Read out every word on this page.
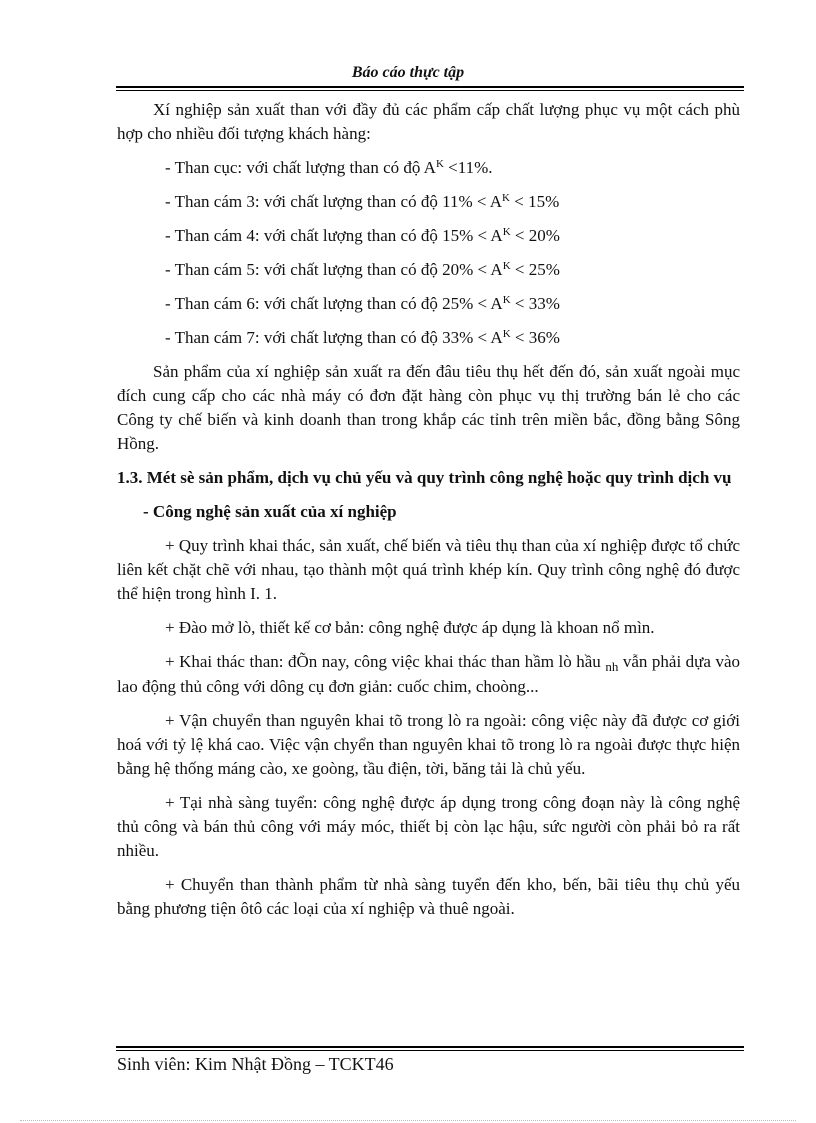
Báo cáo thực tập

Xí nghiệp sản xuất than với đầy đủ các phẩm cấp chất lượng phục vụ một cách phù hợp cho nhiều đối tượng khách hàng:

- Than cục: với chất lượng than có độ $A^K <11\%$.

- Than cám 3: với chất lượng than có độ $11\% < A^K < 15\%$

- Than cám 4: với chất lượng than có độ $15\% < A^K < 20\%$

- Than cám 5: với chất lượng than có độ $20\% < A^K < 25\%$

- Than cám 6: với chất lượng than có độ $25\% < A^K < 33\%$

- Than cám 7: với chất lượng than có độ $33\% < A^K < 36\%$

Sản phẩm của xí nghiệp sản xuất ra đến đâu tiêu thụ hết đến đó, sản xuất ngoài mục đích cung cấp cho các nhà máy có đơn đặt hàng còn phục vụ thị trường bán lẻ cho các Công ty chế biến và kinh doanh than trong khắp các tỉnh trên miền bắc, đồng bằng Sông Hồng.

1.3. Mét sè sản phẩm, dịch vụ chủ yếu và quy trình công nghệ hoặc quy trình dịch vụ

- Công nghệ sản xuất của xí nghiệp

+ Quy trình khai thác, sản xuất, chế biến và tiêu thụ than của xí nghiệp được tổ chức liên kết chặt chẽ với nhau, tạo thành một quá trình khép kín. Quy trình công nghệ đó được thể hiện trong hình I. 1.

+ Đào mở lò, thiết kế cơ bản: công nghệ được áp dụng là khoan nổ mìn.

+ Khai thác than: đÕn nay, công việc khai thác than hầm lò hầu $_{nh}$ vẫn phải dựa vào lao động thủ công với dông cụ đơn giản: cuốc chim, choòng...

+ Vận chuyển than nguyên khai tõ trong lò ra ngoài: công việc này đã được cơ giới hoá với tỷ lệ khá cao. Việc vận chyển than nguyên khai tõ trong lò ra ngoài được thực hiện bằng hệ thống máng cào, xe goòng, tầu điện, tời, băng tải là chủ yếu.

+ Tại nhà sàng tuyển: công nghệ được áp dụng trong công đoạn này là công nghệ thủ công và bán thủ công với máy móc, thiết bị còn lạc hậu, sức người còn phải bỏ ra rất nhiều.

+ Chuyển than thành phẩm từ nhà sàng tuyển đến kho, bến, bãi tiêu thụ chủ yếu bằng phương tiện ôtô các loại của xí nghiệp và thuê ngoài.

Sinh viên: Kim Nhật Đồng – TCKT46
